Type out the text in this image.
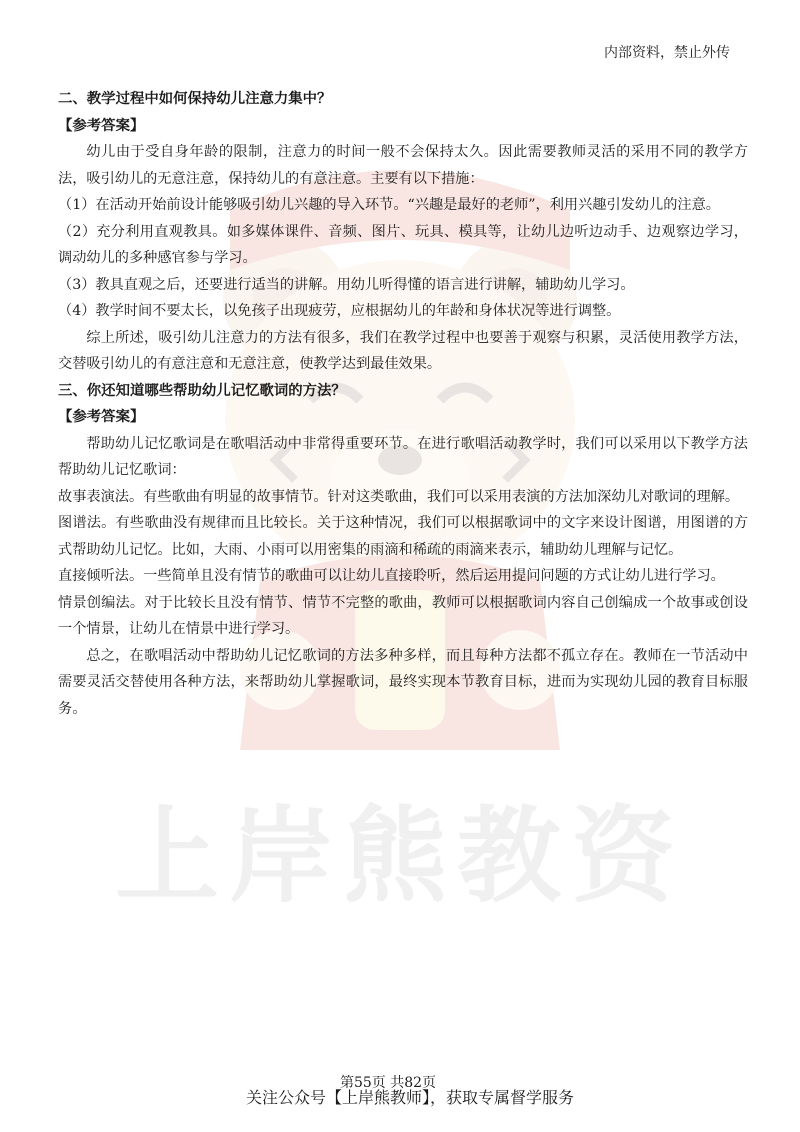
上岸熊教资
内部资料，禁止外传

二、教学过程中如何保持幼儿注意力集中？

【参考答案】

幼儿由于受自身年龄的限制，注意力的时间一般不会保持太久。因此需要教师灵活的采用不同的教学方法，吸引幼儿的无意注意，保持幼儿的有意注意。主要有以下措施：

（1）在活动开始前设计能够吸引幼儿兴趣的导入环节。“兴趣是最好的老师”，利用兴趣引发幼儿的注意。

（2）充分利用直观教具。如多媒体课件、音频、图片、玩具、模具等，让幼儿边听边动手、边观察边学习，调动幼儿的多种感官参与学习。

（3）教具直观之后，还要进行适当的讲解。用幼儿听得懂的语言进行讲解，辅助幼儿学习。

（4）教学时间不要太长，以免孩子出现疲劳，应根据幼儿的年龄和身体状况等进行调整。

综上所述，吸引幼儿注意力的方法有很多，我们在教学过程中也要善于观察与积累，灵活使用教学方法，交替吸引幼儿的有意注意和无意注意，使教学达到最佳效果。

三、你还知道哪些帮助幼儿记忆歌词的方法？

【参考答案】

帮助幼儿记忆歌词是在歌唱活动中非常得重要环节。在进行歌唱活动教学时，我们可以采用以下教学方法帮助幼儿记忆歌词：

故事表演法。有些歌曲有明显的故事情节。针对这类歌曲，我们可以采用表演的方法加深幼儿对歌词的理解。

图谱法。有些歌曲没有规律而且比较长。关于这种情况，我们可以根据歌词中的文字来设计图谱，用图谱的方式帮助幼儿记忆。比如，大雨、小雨可以用密集的雨滴和稀疏的雨滴来表示，辅助幼儿理解与记忆。

直接倾听法。一些简单且没有情节的歌曲可以让幼儿直接聆听，然后运用提问问题的方式让幼儿进行学习。

情景创编法。对于比较长且没有情节、情节不完整的歌曲，教师可以根据歌词内容自己创编成一个故事或创设一个情景，让幼儿在情景中进行学习。

总之，在歌唱活动中帮助幼儿记忆歌词的方法多种多样，而且每种方法都不孤立存在。教师在一节活动中需要灵活交替使用各种方法，来帮助幼儿掌握歌词，最终实现本节教育目标，进而为实现幼儿园的教育目标服务。

第55页 共82页
关注公众号【上岸熊教师】，获取专属督学服务
